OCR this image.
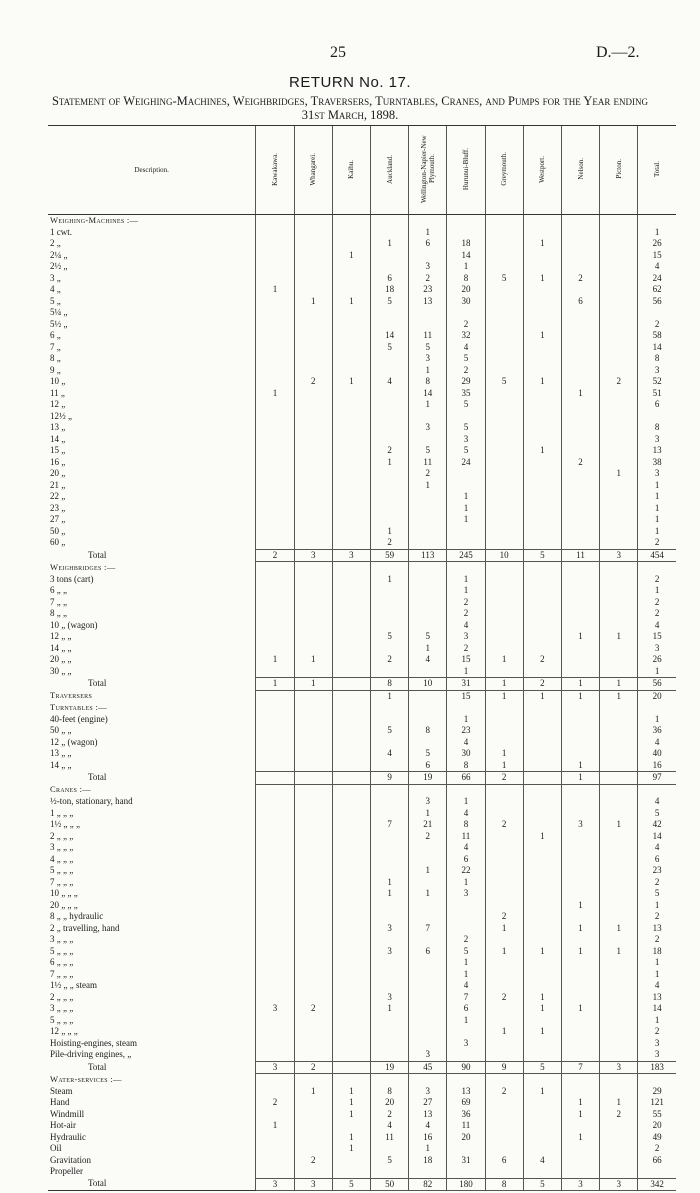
25	D.—2.
RETURN No. 17.
Statement of Weighing-Machines, Weighbridges, Traversers, Turntables, Cranes, and Pumps for the Year ending 31st March, 1898.
Description.	Kawakawa.	Whangarei.	Kaihu.	Auckland.	Wellington-Napier-New Plymouth.	Hurunui-Bluff.	Greymouth.	Westport.	Nelson.	Picton.	Total.
Weighing-Machines :—											
1 cwt.					1						1
2 „				1	6	18		1			26
2¼ „			1			14					15
2½ „					3	1					4
3 „				6	2	8	5	1	2		24
4 „	1			18	23	20					62
5 „		1	1	5	13	30			6		56
5¼ „											
5½ „						2					2
6 „				14	11	32		1			58
7 „				5	5	4					14
8 „					3	5					8
9 „					1	2					3
10 „		2	1	4	8	29	5	1		2	52
11 „	1				14	35			1		51
12 „					1	5					6
12½ „											
13 „					3	5					8
14 „						3					3
15 „				2	5	5		1			13
16 „				1	11	24			2		38
20 „					2					1	3
21 „					1						1
22 „						1					1
23 „						1					1
27 „						1					1
50 „				1							1
60 „				2							2
Total	2	3	3	59	113	245	10	5	11	3	454
Weighbridges :—											
3 tons (cart)				1		1					2
6 „ „						1					1
7 „ „						2					2
8 „ „						2					2
10 „ (wagon)						4					4
12 „ „				5	5	3			1	1	15
14 „ „					1	2					3
20 „ „	1	1		2	4	15	1	2			26
30 „ „						1					1
Total	1	1		8	10	31	1	2	1	1	56
Traversers				1		15	1	1	1	1	20
Turntables :—											
40-feet (engine)						1					1
50 „ „				5	8	23					36
12 „ (wagon)						4					4
13 „ „				4	5	30	1				40
14 „ „					6	8	1		1		16
Total				9	19	66	2		1		97
Cranes :—											
½-ton, stationary, hand					3	1					4
1 „ „ „					1	4					5
1½ „ „ „				7	21	8	2		3	1	42
2 „ „ „					2	11		1			14
3 „ „ „						4					4
4 „ „ „						6					6
5 „ „ „					1	22					23
7 „ „ „				1		1					2
10 „ „ „				1	1	3					5
20 „ „ „									1		1
8 „ „ hydraulic							2				2
2 „ travelling, hand				3	7		1		1	1	13
3 „ „ „						2					2
5 „ „ „				3	6	5	1	1	1	1	18
6 „ „ „						1					1
7 „ „ „						1					1
1½ „ „ steam						4					4
2 „ „ „				3		7	2	1			13
3 „ „ „	3	2		1		6		1	1		14
5 „ „ „						1					1
12 „ „ „							1	1			2
Hoisting-engines, steam						3					3
Pile-driving engines, „					3						3
Total	3	2		19	45	90	9	5	7	3	183
Water-services :—											
Steam		1	1	8	3	13	2	1			29
Hand	2		1	20	27	69			1	1	121
Windmill			1	2	13	36			1	2	55
Hot-air	1			4	4	11					20
Hydraulic			1	11	16	20			1		49
Oil			1		1						2
Gravitation		2		5	18	31	6	4			66
Propeller											
Total	3	3	5	50	82	180	8	5	3	3	342
